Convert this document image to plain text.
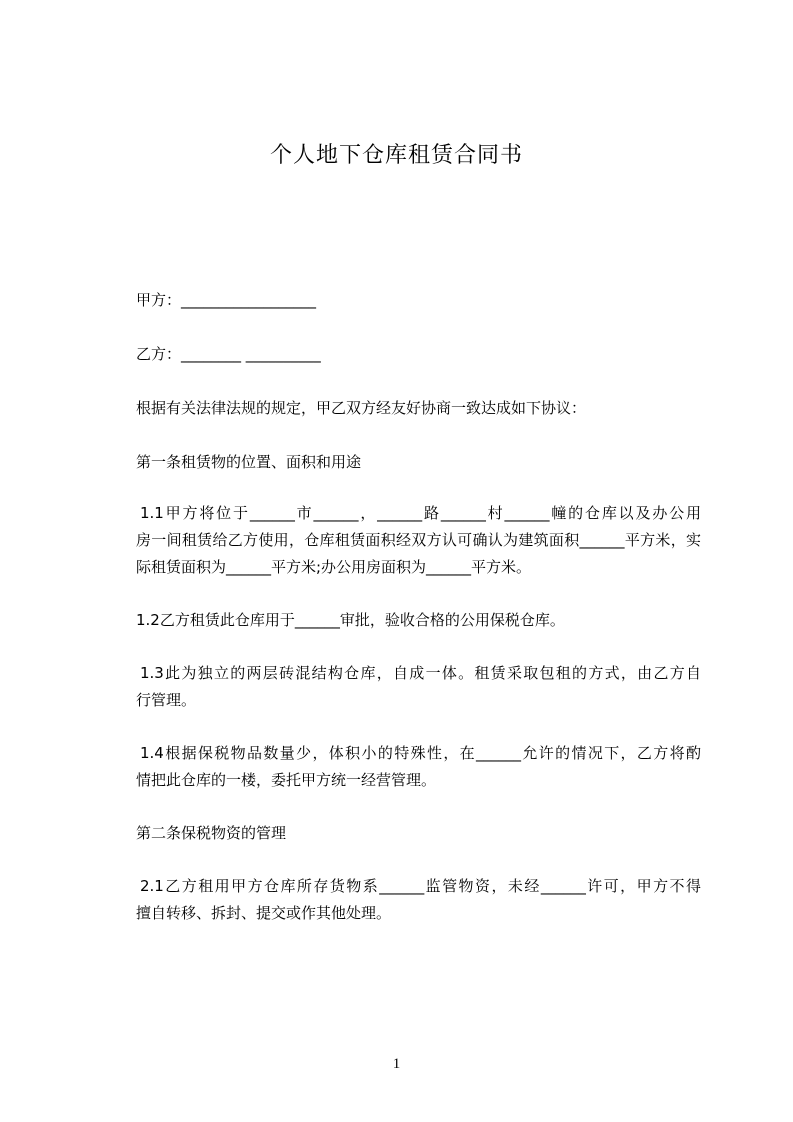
个人地下仓库租赁合同书
甲方：__________________
乙方：________ __________
根据有关法律法规的规定，甲乙双方经友好协商一致达成如下协议：
第一条租赁物的位置、面积和用途
1.1甲方将位于______市______，______路______村______幢的仓库以及办公用
房一间租赁给乙方使用，仓库租赁面积经双方认可确认为建筑面积______平方米，实
际租赁面积为______平方米;办公用房面积为______平方米。
1.2乙方租赁此仓库用于______审批，验收合格的公用保税仓库。
1.3此为独立的两层砖混结构仓库，自成一体。租赁采取包租的方式，由乙方自
行管理。
1.4根据保税物品数量少，体积小的特殊性，在______允许的情况下，乙方将酌
情把此仓库的一楼，委托甲方统一经营管理。
第二条保税物资的管理
2.1乙方租用甲方仓库所存货物系______监管物资，未经______许可，甲方不得
擅自转移、拆封、提交或作其他处理。
1
